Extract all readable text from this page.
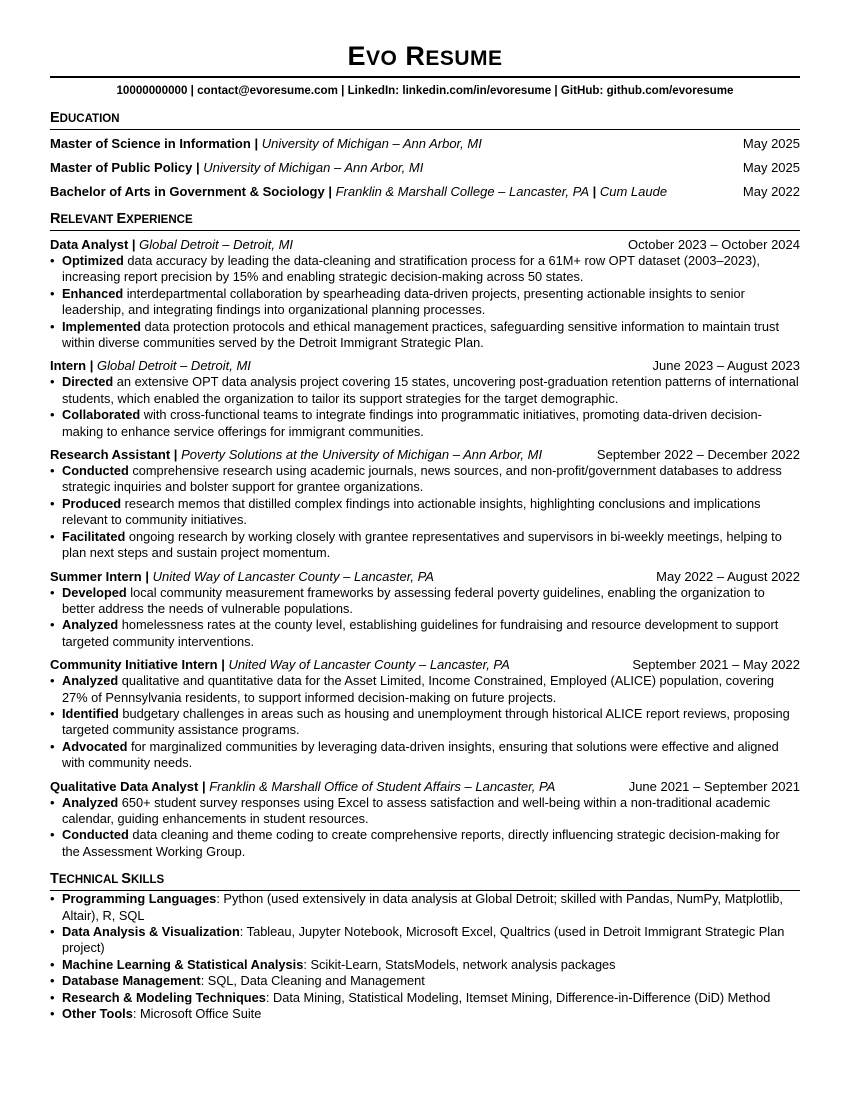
EVO RESUME
10000000000 | contact@evoresume.com | LinkedIn: linkedin.com/in/evoresume | GitHub: github.com/evoresume
EDUCATION
Master of Science in Information | University of Michigan – Ann Arbor, MI	May 2025
Master of Public Policy | University of Michigan – Ann Arbor, MI	May 2025
Bachelor of Arts in Government & Sociology | Franklin & Marshall College – Lancaster, PA | Cum Laude	May 2022
RELEVANT EXPERIENCE
Data Analyst | Global Detroit – Detroit, MI	October 2023 – October 2024
• Optimized data accuracy by leading the data-cleaning and stratification process for a 61M+ row OPT dataset (2003–2023), increasing report precision by 15% and enabling strategic decision-making across 50 states.
• Enhanced interdepartmental collaboration by spearheading data-driven projects, presenting actionable insights to senior leadership, and integrating findings into organizational planning processes.
• Implemented data protection protocols and ethical management practices, safeguarding sensitive information to maintain trust within diverse communities served by the Detroit Immigrant Strategic Plan.
Intern | Global Detroit – Detroit, MI	June 2023 – August 2023
• Directed an extensive OPT data analysis project covering 15 states, uncovering post-graduation retention patterns of international students, which enabled the organization to tailor its support strategies for the target demographic.
• Collaborated with cross-functional teams to integrate findings into programmatic initiatives, promoting data-driven decision-making to enhance service offerings for immigrant communities.
Research Assistant | Poverty Solutions at the University of Michigan – Ann Arbor, MI	September 2022 – December 2022
• Conducted comprehensive research using academic journals, news sources, and non-profit/government databases to address strategic inquiries and bolster support for grantee organizations.
• Produced research memos that distilled complex findings into actionable insights, highlighting conclusions and implications relevant to community initiatives.
• Facilitated ongoing research by working closely with grantee representatives and supervisors in bi-weekly meetings, helping to plan next steps and sustain project momentum.
Summer Intern | United Way of Lancaster County – Lancaster, PA	May 2022 – August 2022
• Developed local community measurement frameworks by assessing federal poverty guidelines, enabling the organization to better address the needs of vulnerable populations.
• Analyzed homelessness rates at the county level, establishing guidelines for fundraising and resource development to support targeted community interventions.
Community Initiative Intern | United Way of Lancaster County – Lancaster, PA	September 2021 – May 2022
• Analyzed qualitative and quantitative data for the Asset Limited, Income Constrained, Employed (ALICE) population, covering 27% of Pennsylvania residents, to support informed decision-making on future projects.
• Identified budgetary challenges in areas such as housing and unemployment through historical ALICE report reviews, proposing targeted community assistance programs.
• Advocated for marginalized communities by leveraging data-driven insights, ensuring that solutions were effective and aligned with community needs.
Qualitative Data Analyst | Franklin & Marshall Office of Student Affairs – Lancaster, PA	June 2021 – September 2021
• Analyzed 650+ student survey responses using Excel to assess satisfaction and well-being within a non-traditional academic calendar, guiding enhancements in student resources.
• Conducted data cleaning and theme coding to create comprehensive reports, directly influencing strategic decision-making for the Assessment Working Group.
TECHNICAL SKILLS
• Programming Languages: Python (used extensively in data analysis at Global Detroit; skilled with Pandas, NumPy, Matplotlib, Altair), R, SQL
• Data Analysis & Visualization: Tableau, Jupyter Notebook, Microsoft Excel, Qualtrics (used in Detroit Immigrant Strategic Plan project)
• Machine Learning & Statistical Analysis: Scikit-Learn, StatsModels, network analysis packages
• Database Management: SQL, Data Cleaning and Management
• Research & Modeling Techniques: Data Mining, Statistical Modeling, Itemset Mining, Difference-in-Difference (DiD) Method
• Other Tools: Microsoft Office Suite
